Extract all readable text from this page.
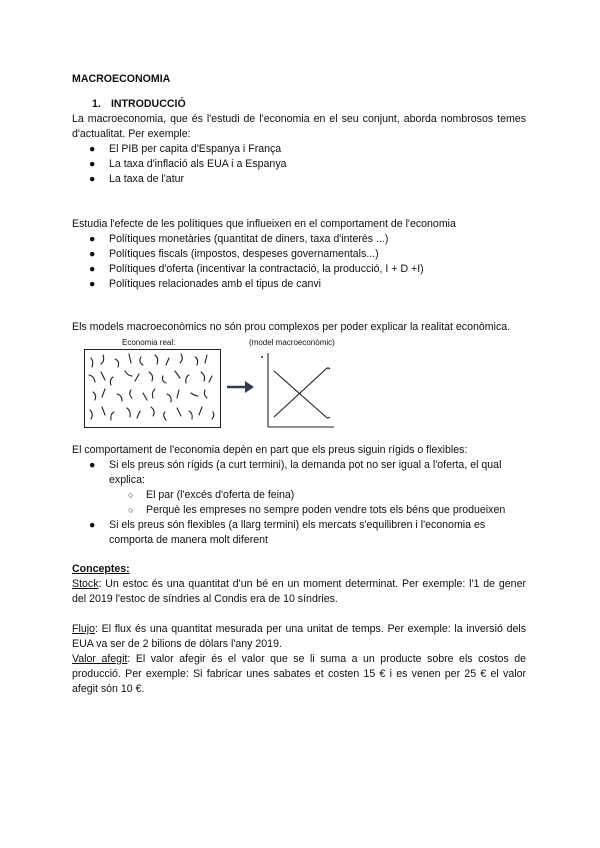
MACROECONOMIA
1. INTRODUCCIÓ

La macroeconomia, que és l'estudi de l'economia en el seu conjunt, aborda nombrosos temes d'actualitat. Per exemple:

● El PIB per capita d'Espanya i França
● La taxa d'inflació als EUA i a Espanya
● La taxa de l'atur

Estudia l'efecte de les polítiques que influeixen en el comportament de l'economia

● Polítiques monetàries (quantitat de diners, taxa d'interès ...)
● Polítiques fiscals (impostos, despeses governamentals...)
● Polítiques d'oferta (incentivar la contractació, la producció, I + D +I)
● Polítiques relacionades amb el tipus de canvi

Els models macroeconòmics no són prou complexos per poder explicar la realitat econòmica.

Economia real:	(model macroeconòmic)

El comportament de l'economia depèn en part que els preus siguin rígids o flexibles:

● Si els preus són rígids (a curt termini), la demanda pot no ser igual a l'oferta, el qual explica:
○ El par (l'excés d'oferta de feina)
○ Perquè les empreses no sempre poden vendre tots els béns que produeixen
● Si els preus són flexibles (a llarg termini) els mercats s'equilibren i l'economia es comporta de manera molt diferent
Conceptes:

Stock: Un estoc és una quantitat d'un bé en un moment determinat. Per exemple: l'1 de gener del 2019 l'estoc de síndries al Condis era de 10 síndries.

Flujo: El flux és una quantitat mesurada per una unitat de temps. Per exemple: la inversió dels EUA va ser de 2 bilions de dòlars l'any 2019.

Valor afegit: El valor afegir és el valor que se li suma a un producte sobre els costos de producció. Per exemple: Si fabricar unes sabates et costen 15 € i es venen per 25 € el valor afegit són 10 €.
